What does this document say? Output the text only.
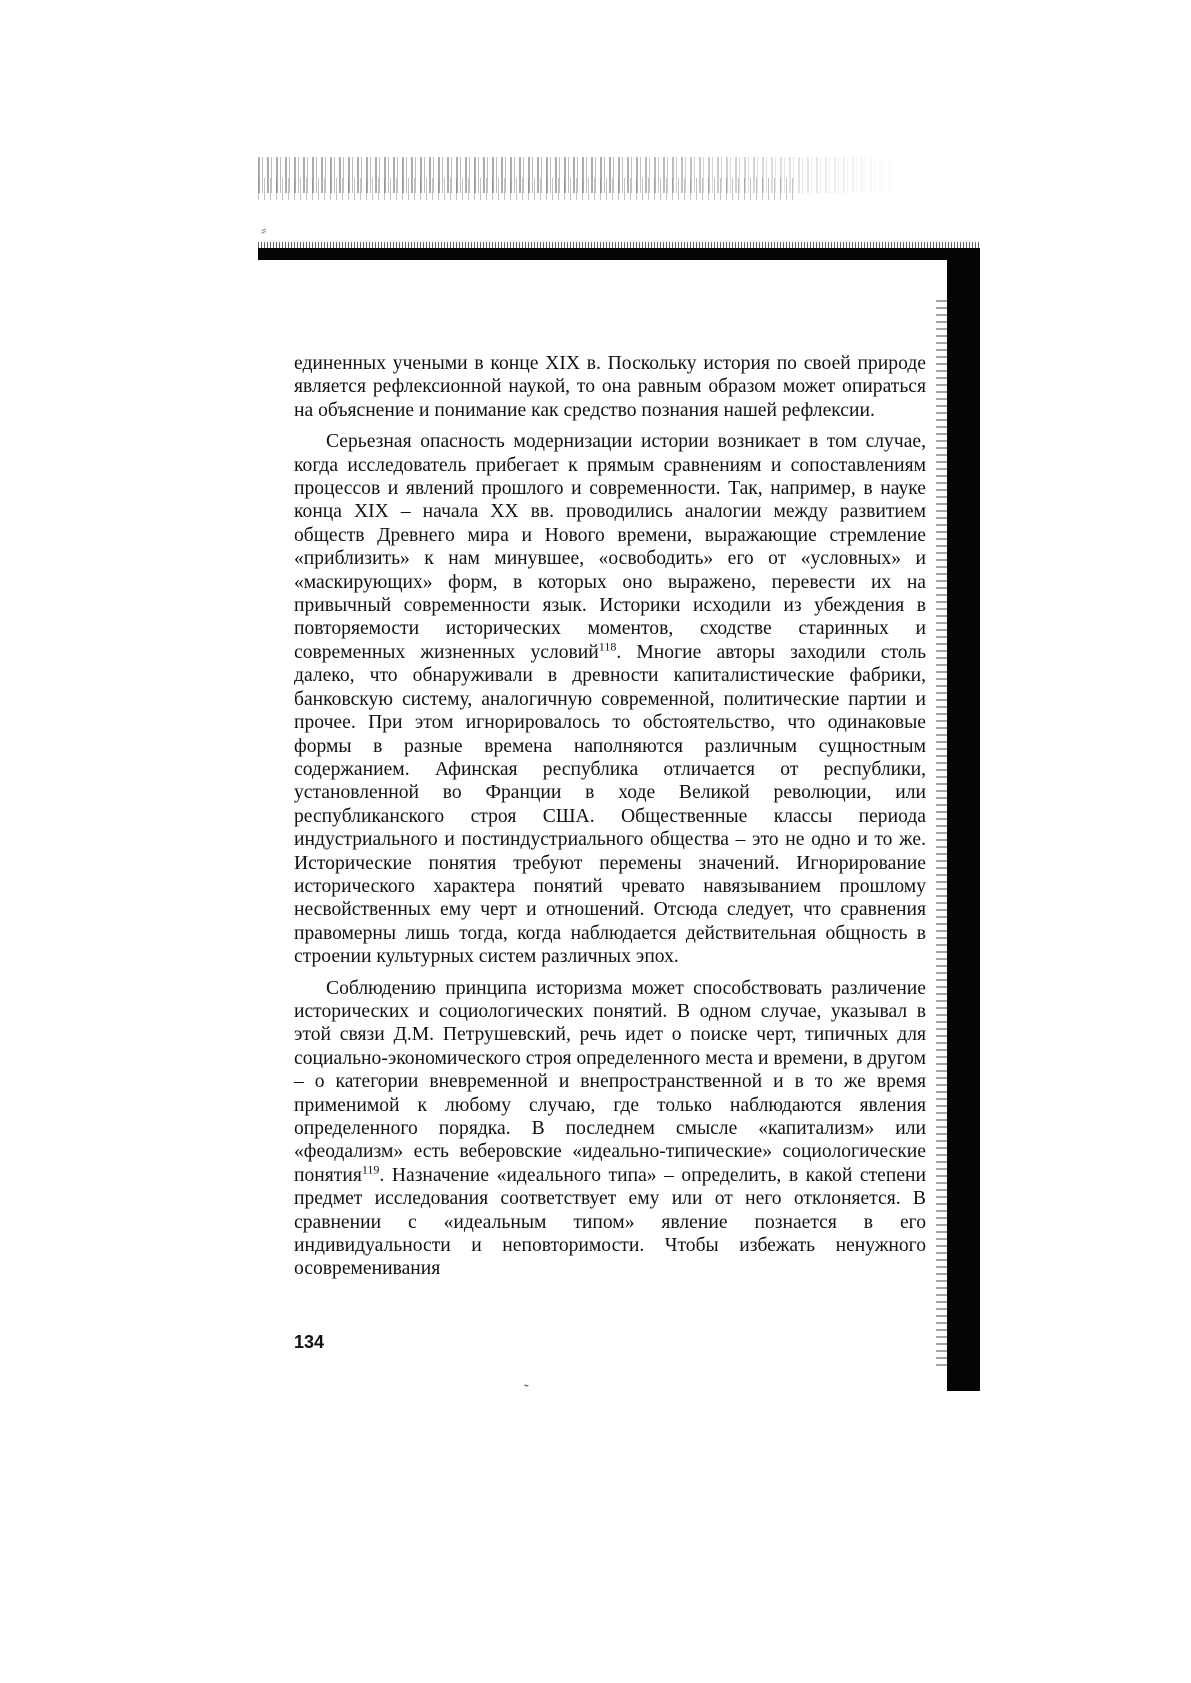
⸗

единенных учеными в конце XIX в. Поскольку история по своей природе является рефлексионной наукой, то она равным образом может опираться на объяснение и понимание как средство познания нашей рефлексии.

Серьезная опасность модернизации истории возникает в том случае, когда исследователь прибегает к прямым сравнениям и сопоставлениям процессов и явлений прошлого и современности. Так, например, в науке конца XIX – начала XX вв. проводились аналогии между развитием обществ Древнего мира и Нового времени, выражающие стремление «приблизить» к нам минувшее, «освободить» его от «условных» и «маскирующих» форм, в которых оно выражено, перевести их на привычный современности язык. Историки исходили из убеждения в повторяемости исторических моментов, сходстве старинных и современных жизненных условий$^{118}$. Многие авторы заходили столь далеко, что обнаруживали в древности капиталистические фабрики, банковскую систему, аналогичную современной, политические партии и прочее. При этом игнорировалось то обстоятельство, что одинаковые формы в разные времена наполняются различным сущностным содержанием. Афинская республика отличается от республики, установленной во Франции в ходе Великой революции, или республиканского строя США. Общественные классы периода индустриального и постиндустриального общества – это не одно и то же. Исторические понятия требуют перемены значений. Игнорирование исторического характера понятий чревато навязыванием прошлому несвойственных ему черт и отношений. Отсюда следует, что сравнения правомерны лишь тогда, когда наблюдается действительная общность в строении культурных систем различных эпох.

Соблюдению принципа историзма может способствовать различение исторических и социологических понятий. В одном случае, указывал в этой связи Д.М. Петрушевский, речь идет о поиске черт, типичных для социально-экономического строя определенного места и времени, в другом – о категории вневременной и внепространственной и в то же время применимой к любому случаю, где только наблюдаются явления определенного порядка. В последнем смысле «капитализм» или «феодализм» есть веберовские «идеально-типические» социологические понятия$^{119}$. Назначение «идеального типа» – определить, в какой степени предмет исследования соответствует ему или от него отклоняется. В сравнении с «идеальным типом» явление познается в его индивидуальности и неповторимости. Чтобы избежать ненужного осовременивания

134
˷
